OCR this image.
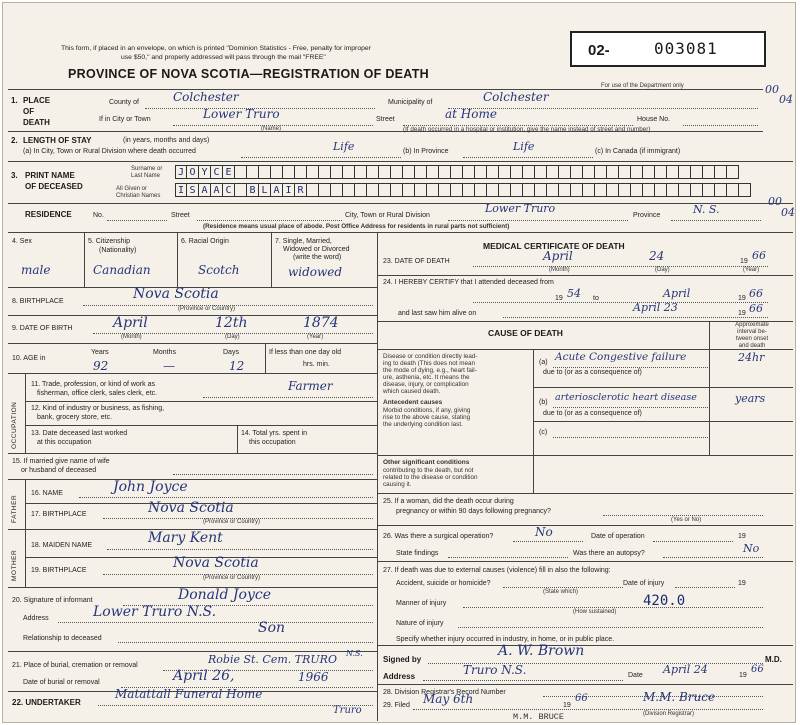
This form, if placed in an envelope, on which is printed "Dominion Statistics - Free, penalty for improper
use $50," and properly addressed will pass through the mail "FREE"
PROVINCE OF NOVA SCOTIA—REGISTRATION OF DEATH
02-	003081
For use of the Department only	00
04
1. PLACE
OF
DEATH
County of	Colchester	Municipality of	Colchester
If in City or Town	Lower Truro
(Name)
Street	at Home	House No.
(If death occurred in a hospital or institution, give the name instead of street and number)
2. LENGTH OF STAY	(in years, months and days)
(a) In City, Town or Rural Division where death occurred	Life	(b) In Province	Life	(c) In Canada (if immigrant)
3. PRINT NAME
OF DECEASED
Surname or
Last Name
All Given or
Christian Names
J O Y C E
I S A A C	B L A I R
RESIDENCE	No.	Street	City, Town or Rural Division
Lower Truro
Province	N. S.
00
04
(Residence means usual place of abode. Post Office Address for residents in rural parts not sufficient)
4. Sex
male
5. Citizenship
(Nationality)
Canadian
6. Racial Origin
Scotch
7. Single, Married,
Widowed or Divorced
(write the word)
widowed
8. BIRTHPLACE	Nova Scotia
(Province or Country)
9. DATE OF BIRTH	April	12th	1874
(Month)	(Day)	(Year)
10. AGE in
Years	Months	Days
92	—	12
If less than one day old
hrs. min.
OCCUPATION
11. Trade, profession, or kind of work as
fisherman, office clerk, sales clerk, etc.
Farmer
12. Kind of industry or business, as fishing,
bank, grocery store, etc.
13. Date deceased last worked
at this occupation
14. Total yrs. spent in
this occupation
15. If married give name of wife
or husband of deceased
FATHER
16. NAME	John Joyce
17. BIRTHPLACE	Nova Scotia
(Province or Country)
MOTHER
18. MAIDEN NAME	Mary Kent
19. BIRTHPLACE	Nova Scotia
(Province or Country)
20. Signature of informant	Donald Joyce
Address	Lower Truro N.S.
Son
Relationship to deceased
21. Place of burial, cremation or removal	Robie St. Cem. TRURO N.S.
Date of burial or removal	April 26,	1966
22. UNDERTAKER
Matattall Funeral Home
Truro
MEDICAL CERTIFICATE OF DEATH
23. DATE OF DEATH	April	24	19 66
(Month)	(Day)	(Year)
24. I HEREBY CERTIFY that I attended deceased from
19 54 to	April	19 66
and last saw him alive on	April 23	19 66
CAUSE OF DEATH
Approximate
interval be-
tween onset
and death
Disease or condition directly lead-
ing to death (This does not mean
the mode of dying, e.g., heart fail-
ure, asthenia, etc. It means the
disease, injury, or complication
which caused death.
(a) Acute Congestive failure	24hr
due to (or as a consequence of)
Antecedent causes
Morbid conditions, if any, giving
rise to the above cause, stating
the underlying condition last.
(b) arteriosclerotic heart disease	years
due to (or as a consequence of)
(c)
Other significant conditions
contributing to the death, but not
related to the disease or condition
causing it.
25. If a woman, did the death occur during
pregnancy or within 90 days following pregnancy?
(Yes or No)
26. Was there a surgical operation?	No	Date of operation	19
State findings	Was there an autopsy?	No
27. If death was due to external causes (violence) fill in also the following:
Accident, suicide or homicide?
(State which)
Date of injury	19
Manner of injury	420.0
(How sustained)
Nature of injury
Specify whether injury occurred in industry, in home, or in public place.
Signed by
A. W. Brown
M.D.
Address	Truro N.S.	Date April 24	19
66
28. Division Registrar's Record Number
29. Filed May 6th	19
66	M.M. Bruce
(Division Registrar)
M.M. BRUCE
